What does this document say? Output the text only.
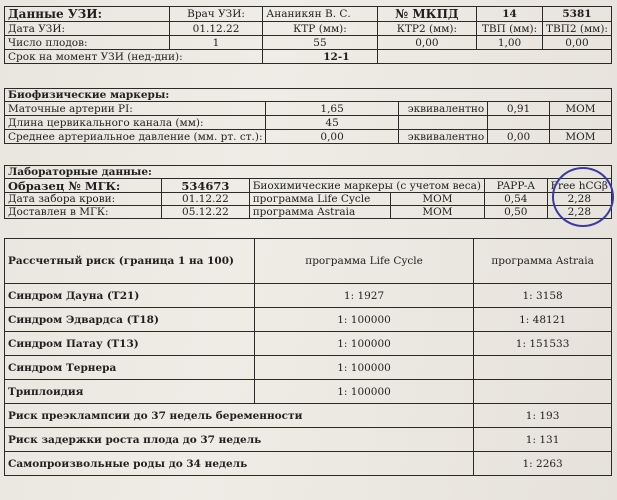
Данные УЗИ:	Врач УЗИ:	Ананикян В. С.	№ МКПД	14	5381
Дата УЗИ:	01.12.22	КТР (мм):	КТР2 (мм):	ТВП (мм):	ТВП2 (мм):
Число плодов:	1	55	0,00	1,00	0,00
Срок на момент УЗИ (нед-дни):		12-1			
Биофизические маркеры:				
Маточные артерии PI:	1,65	эквивалентно	0,91	МОМ
Длина цервикального канала (мм):	45			
Среднее артериальное давление (мм. рт. ст.):	0,00	эквивалентно	0,00	МОМ
Лабораторные данные:					
Образец № МГК:	534673	Биохимические маркеры (с учетом веса)		PAPP-A	Free hCGβ
Дата забора крови:	01.12.22	программа Life Cycle	МОМ	0,54	2,28
Доставлен в МГК:	05.12.22	программа Astraia	МОМ	0,50	2,28
Рассчетный риск (граница 1 на 100)	программа Life Cycle	программа Astraia
Синдром Дауна (T21)	1: 1927	1: 3158
Синдром Эдвардса (T18)	1: 100000	1: 48121
Синдром Патау (T13)	1: 100000	1: 151533
Синдром Тернера	1: 100000	
Триплоидия	1: 100000	
Риск преэклампсии до 37 недель беременности		1: 193
Риск задержки роста плода до 37 недель		1: 131
Самопроизвольные роды до 34 недель		1: 2263
